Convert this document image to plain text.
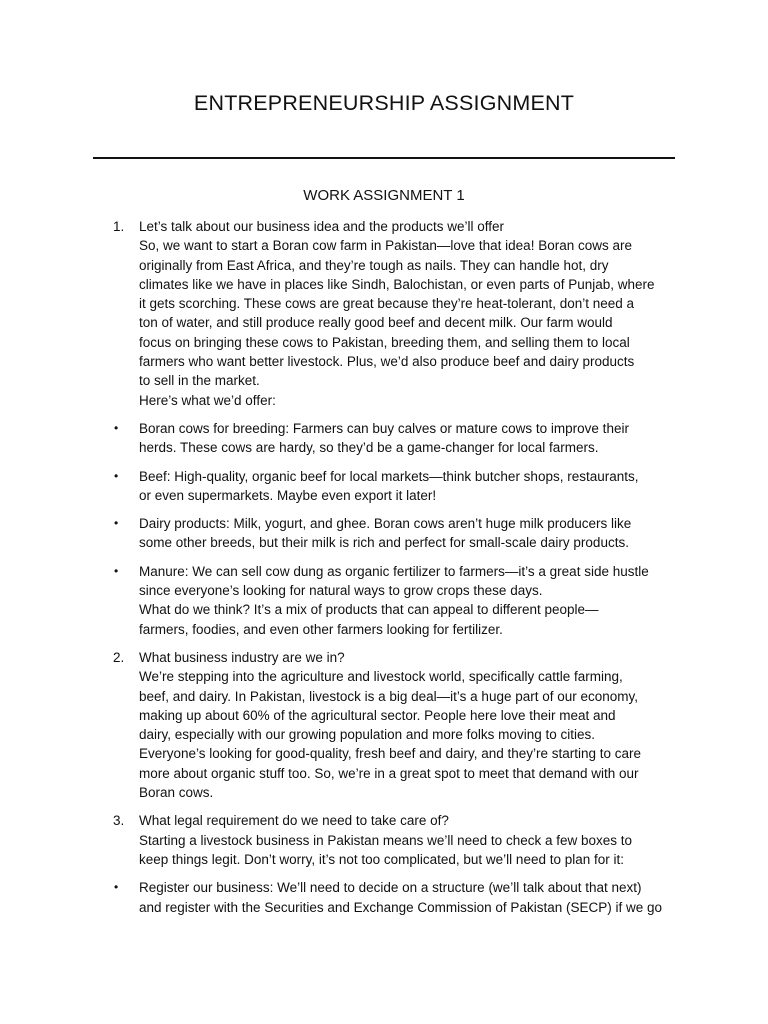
ENTREPRENEURSHIP ASSIGNMENT
WORK ASSIGNMENT 1
1.	Let’s talk about our business idea and the products we’ll offer
So, we want to start a Boran cow farm in Pakistan—love that idea! Boran cows are
originally from East Africa, and they’re tough as nails. They can handle hot, dry
climates like we have in places like Sindh, Balochistan, or even parts of Punjab, where
it gets scorching. These cows are great because they’re heat-tolerant, don’t need a
ton of water, and still produce really good beef and decent milk. Our farm would
focus on bringing these cows to Pakistan, breeding them, and selling them to local
farmers who want better livestock. Plus, we’d also produce beef and dairy products
to sell in the market.
Here’s what we’d offer:
•	Boran cows for breeding: Farmers can buy calves or mature cows to improve their
herds. These cows are hardy, so they’d be a game-changer for local farmers.
•	Beef: High-quality, organic beef for local markets—think butcher shops, restaurants,
or even supermarkets. Maybe even export it later!
•	Dairy products: Milk, yogurt, and ghee. Boran cows aren’t huge milk producers like
some other breeds, but their milk is rich and perfect for small-scale dairy products.
•	Manure: We can sell cow dung as organic fertilizer to farmers—it’s a great side hustle
since everyone’s looking for natural ways to grow crops these days.
What do we think? It’s a mix of products that can appeal to different people—
farmers, foodies, and even other farmers looking for fertilizer.
2.	What business industry are we in?
We’re stepping into the agriculture and livestock world, specifically cattle farming,
beef, and dairy. In Pakistan, livestock is a big deal—it’s a huge part of our economy,
making up about 60% of the agricultural sector. People here love their meat and
dairy, especially with our growing population and more folks moving to cities.
Everyone’s looking for good-quality, fresh beef and dairy, and they’re starting to care
more about organic stuff too. So, we’re in a great spot to meet that demand with our
Boran cows.
3.	What legal requirement do we need to take care of?
Starting a livestock business in Pakistan means we’ll need to check a few boxes to
keep things legit. Don’t worry, it’s not too complicated, but we’ll need to plan for it:
•	Register our business: We’ll need to decide on a structure (we’ll talk about that next)
and register with the Securities and Exchange Commission of Pakistan (SECP) if we go
